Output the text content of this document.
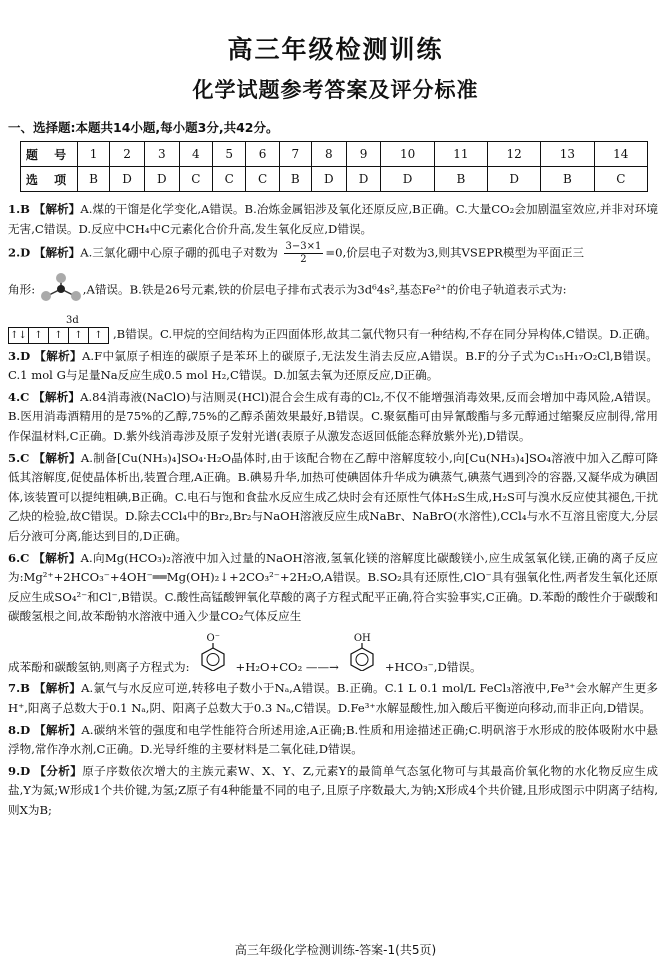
高三年级检测训练
化学试题参考答案及评分标准
一、选择题:本题共14小题,每小题3分,共42分。
题 号	1	2	3	4	5	6	7	8	9	10	11	12	13	14
选 项	B	D	D	C	C	C	B	D	D	D	B	D	B	C
1.B 【解析】A.煤的干馏是化学变化,A错误。B.冶炼金属铝涉及氧化还原反应,B正确。C.大量CO₂会加剧温室效应,并非对环境无害,C错误。D.反应中CH₄中C元素化合价升高,发生氧化反应,D错误。
2.D 【解析】A.三氯化硼中心原子硼的孤电子对数为 $\frac{3-3\times 1}{2} =0$,价层电子对数为3,则其VSEPR模型为平面正三
角形:	,A错误。B.铁是26号元素,铁的价层电子排布式表示为3d⁶4s²,基态Fe²⁺的价电子轨道表示式为:
3d
↑↓ ↑	↑	↑	↑ ,B错误。C.甲烷的空间结构为正四面体形,故其二氯代物只有一种结构,不存在同分异构体,C错误。D.正确。
3.D 【解析】A.F中氯原子相连的碳原子是苯环上的碳原子,无法发生消去反应,A错误。B.F的分子式为C₁₅H₁₇O₂Cl,B错误。C.1 mol G与足量Na反应生成0.5 mol H₂,C错误。D.加氢去氧为还原反应,D正确。
4.C 【解析】A.84消毒液(NaClO)与洁厕灵(HCl)混合会生成有毒的Cl₂,不仅不能增强消毒效果,反而会增加中毒风险,A错误。B.医用消毒酒精用的是75%的乙醇,75%的乙醇杀菌效果最好,B错误。C.聚氨酯可由异氰酸酯与多元醇通过缩聚反应制得,常用作保温材料,C正确。D.紫外线消毒涉及原子发射光谱(表原子从激发态返回低能态释放紫外光),D错误。
5.C 【解析】A.制备[Cu(NH₃)₄]SO₄·H₂O晶体时,由于该配合物在乙醇中溶解度较小,向[Cu(NH₃)₄]SO₄溶液中加入乙醇可降低其溶解度,促使晶体析出,装置合理,A正确。B.碘易升华,加热可使碘固体升华成为碘蒸气,碘蒸气遇到冷的容器,又凝华成为碘固体,该装置可以提纯粗碘,B正确。C.电石与饱和食盐水反应生成乙炔时会有还原性气体H₂S生成,H₂S可与溴水反应使其褪色,干扰乙炔的检验,故C错误。D.除去CCl₄中的Br₂,Br₂与NaOH溶液反应生成NaBr、NaBrO(水溶性),CCl₄与水不互溶且密度大,分层后分液可分离,能达到目的,D正确。
6.C 【解析】A.向Mg(HCO₃)₂溶液中加入过量的NaOH溶液,氢氧化镁的溶解度比碳酸镁小,应生成氢氧化镁,正确的离子反应为:Mg²⁺+2HCO₃⁻+4OH⁻══Mg(OH)₂↓+2CO₃²⁻+2H₂O,A错误。B.SO₂具有还原性,ClO⁻具有强氧化性,两者发生氧化还原反应生成SO₄²⁻和Cl⁻,B错误。C.酸性高锰酸钾氧化草酸的离子方程式配平正确,符合实验事实,C正确。D.苯酚的酸性介于碳酸和碳酸氢根之间,故苯酚钠水溶液中通入少量CO₂气体反应生
成苯酚和碳酸氢钠,则离子方程式为:
O⁻
+H₂O+CO₂ ——→
OH
+HCO₃⁻,D错误。
7.B 【解析】A.氯气与水反应可逆,转移电子数小于Nₐ,A错误。B.正确。C.1 L 0.1 mol/L FeCl₃溶液中,Fe³⁺会水解产生更多H⁺,阳离子总数大于0.1 Nₐ,阴、阳离子总数大于0.3 Nₐ,C错误。D.Fe³⁺水解显酸性,加入酸后平衡逆向移动,而非正向,D错误。
8.D 【解析】A.碳纳米管的强度和电学性能符合所述用途,A正确;B.性质和用途描述正确;C.明矾溶于水形成的胶体吸附水中悬浮物,常作净水剂,C正确。D.光导纤维的主要材料是二氧化硅,D错误。
9.D 【分析】原子序数依次增大的主族元素W、X、Y、Z,元素Y的最简单气态氢化物可与其最高价氧化物的水化物反应生成盐,Y为氮;W形成1个共价键,为氢;Z原子有4种能量不同的电子,且原子序数最大,为钠;X形成4个共价键,且形成图示中阴离子结构,则X为B;
高三年级化学检测训练-答案-1(共5页)
